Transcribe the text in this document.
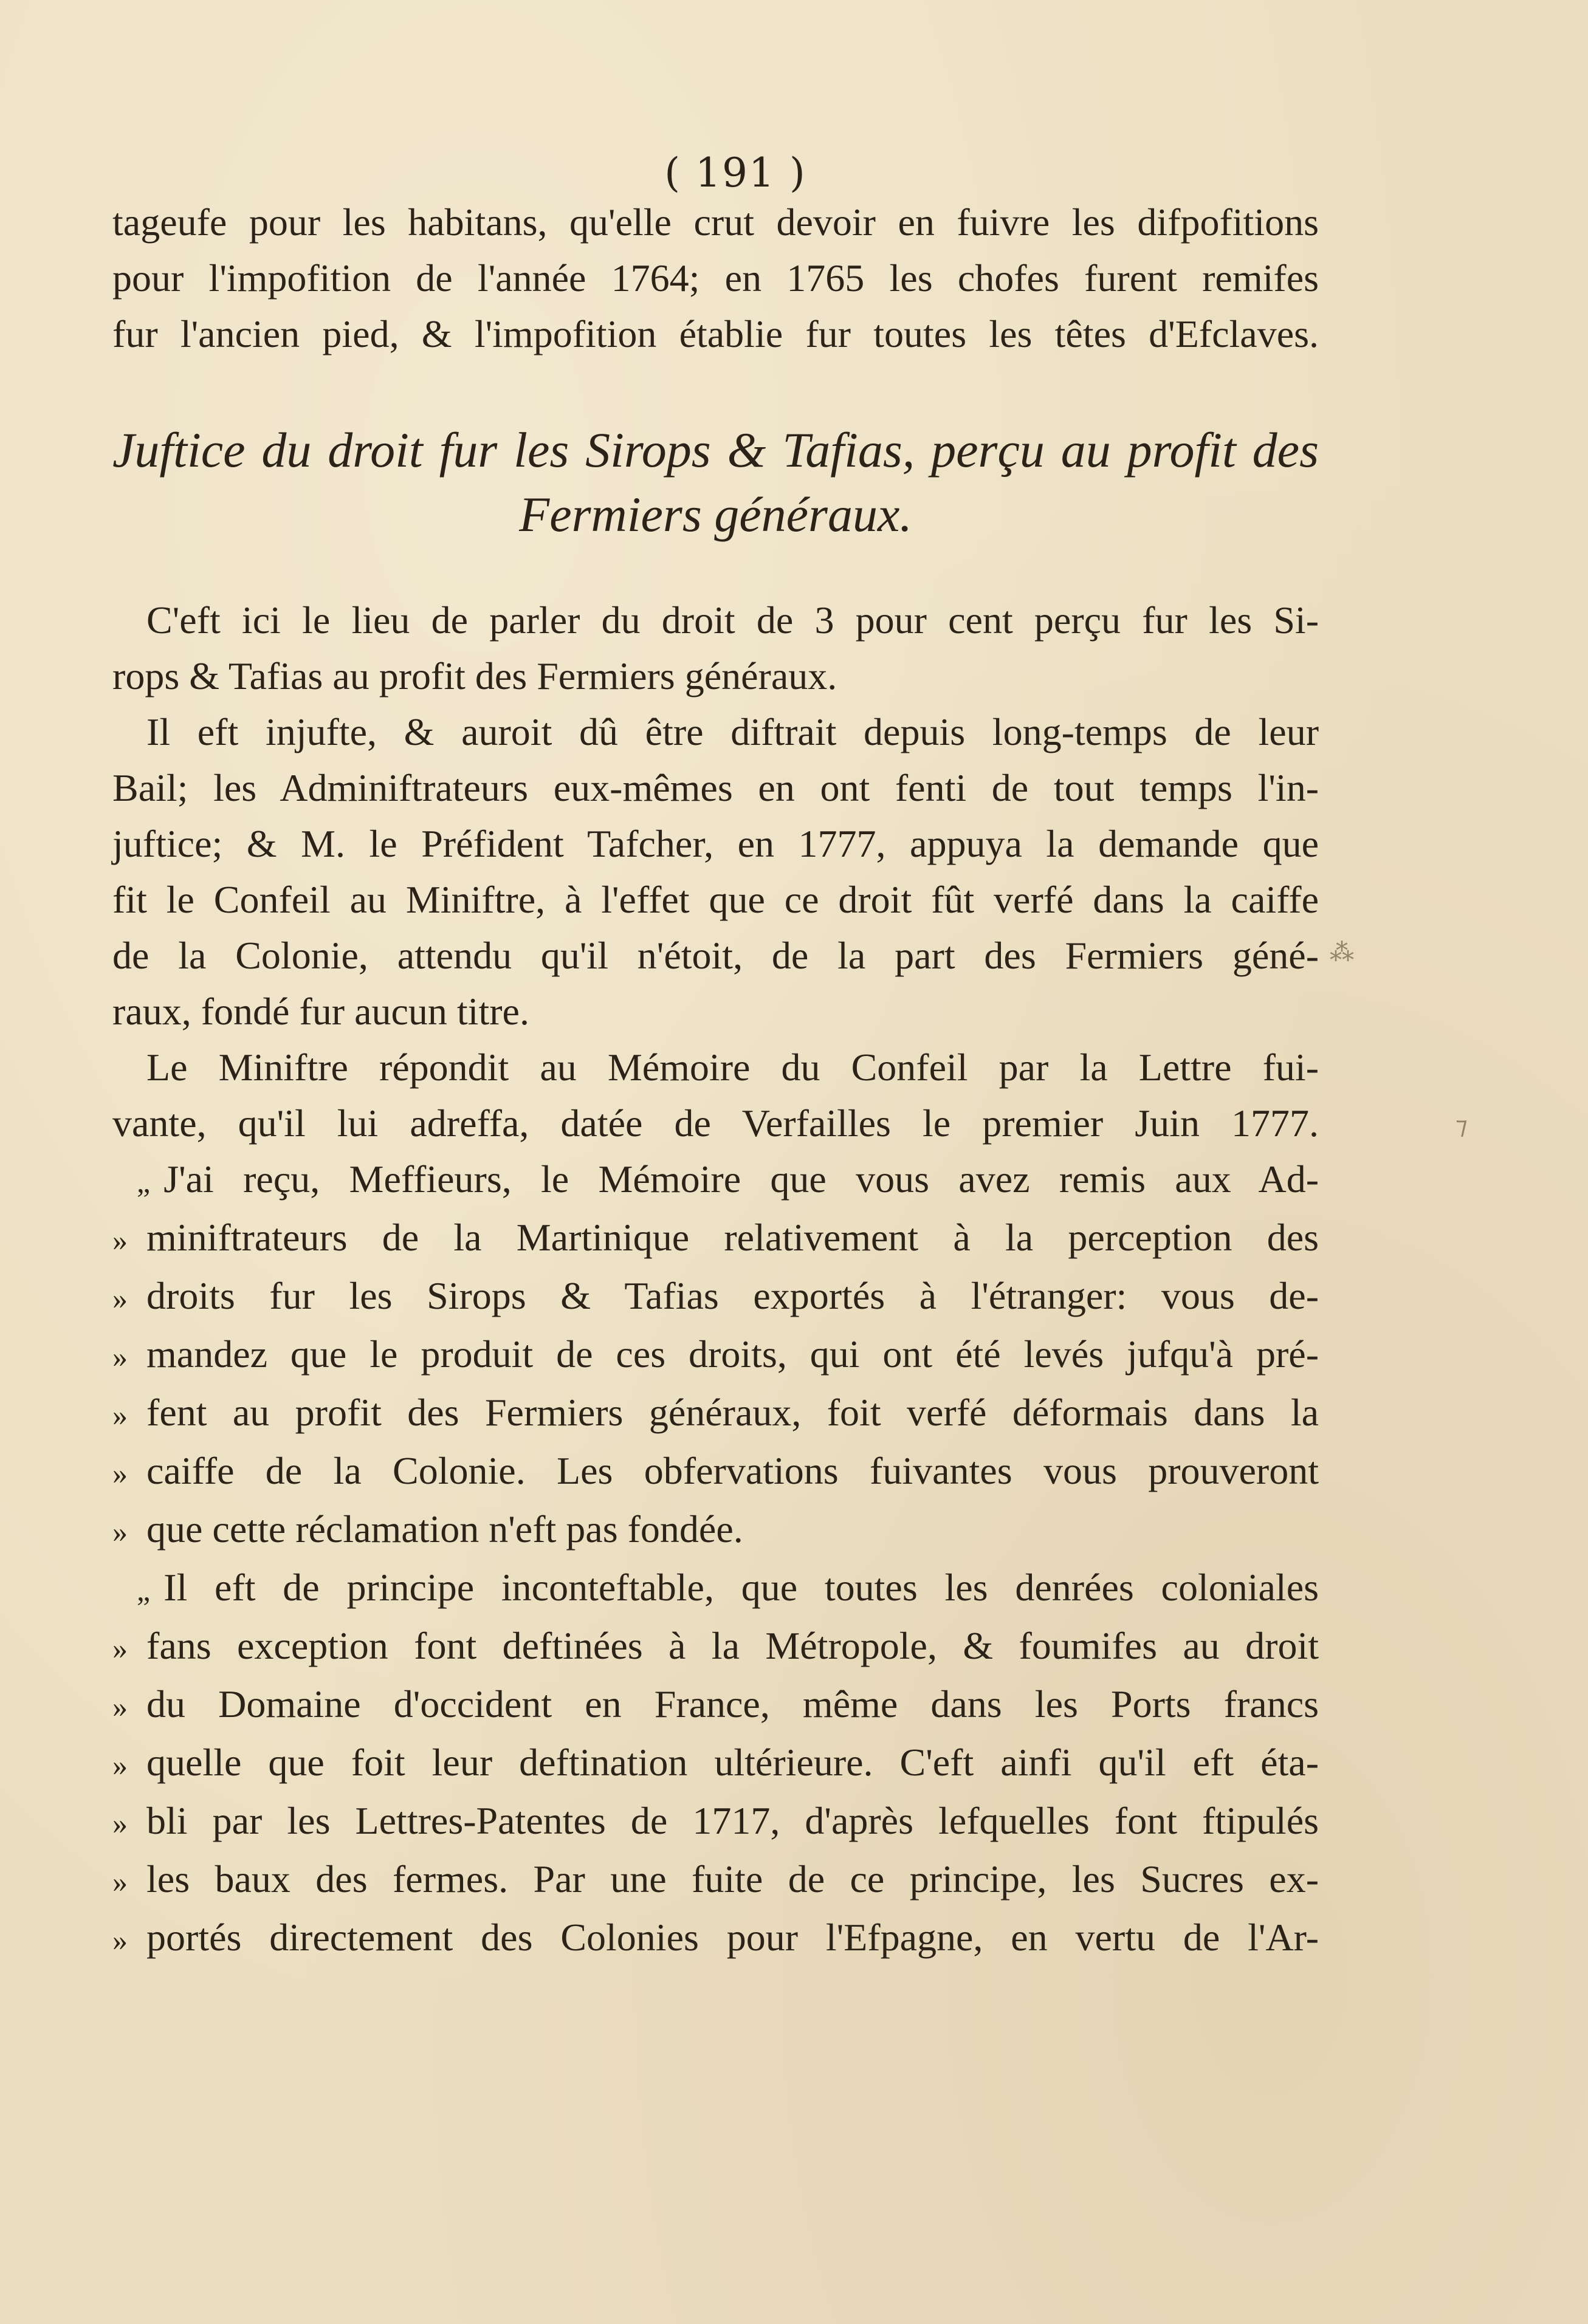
( 191 )
tageufe pour les habitans, qu'elle crut devoir en fuivre les difpofitions
pour l'impofition de l'année 1764; en 1765 les chofes furent remifes
fur l'ancien pied, & l'impofition établie fur toutes les têtes d'Efclaves.
Juftice du droit fur les Sirops & Tafias, perçu au profit des
Fermiers généraux.
C'eft ici le lieu de parler du droit de 3 pour cent perçu fur les Si-
rops & Tafias au profit des Fermiers généraux.
Il eft injufte, & auroit dû être diftrait depuis long-temps de leur
Bail; les Adminiftrateurs eux-mêmes en ont fenti de tout temps l'in-
juftice; & M. le Préfident Tafcher, en 1777, appuya la demande que
fit le Confeil au Miniftre, à l'effet que ce droit fût verfé dans la caiffe
de la Colonie, attendu qu'il n'étoit, de la part des Fermiers géné-
raux, fondé fur aucun titre.
Le Miniftre répondit au Mémoire du Confeil par la Lettre fui-
vante, qu'il lui adreffa, datée de Verfailles le premier Juin 1777.
„ J'ai reçu, Meffieurs, le Mémoire que vous avez remis aux Ad-
» miniftrateurs de la Martinique relativement à la perception des
» droits fur les Sirops & Tafias exportés à l'étranger: vous de-
» mandez que le produit de ces droits, qui ont été levés jufqu'à pré-
» fent au profit des Fermiers généraux, foit verfé déformais dans la
» caiffe de la Colonie. Les obfervations fuivantes vous prouveront
» que cette réclamation n'eft pas fondée.
„ Il eft de principe inconteftable, que toutes les denrées coloniales
» fans exception font deftinées à la Métropole, & foumifes au droit
» du Domaine d'occident en France, même dans les Ports francs
» quelle que foit leur deftination ultérieure. C'eft ainfi qu'il eft éta-
» bli par les Lettres-Patentes de 1717, d'après lefquelles font ftipulés
» les baux des fermes. Par une fuite de ce principe, les Sucres ex-
» portés directement des Colonies pour l'Efpagne, en vertu de l'Ar-
⁂
⁊
